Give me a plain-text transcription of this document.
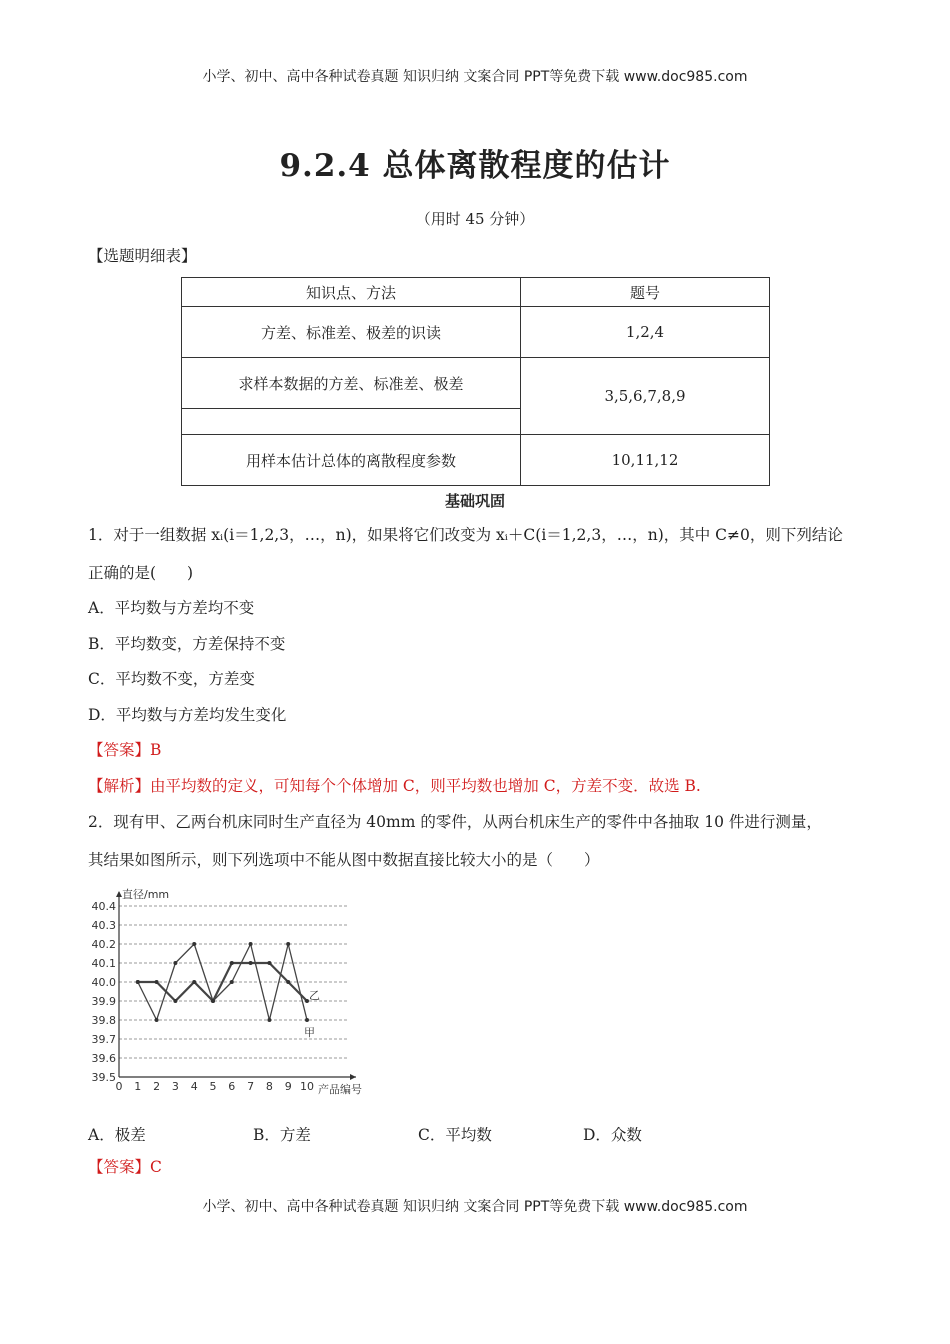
小学、初中、高中各种试卷真题 知识归纳 文案合同 PPT等免费下载 www.doc985.com
9.2.4 总体离散程度的估计
（用时 45 分钟）
【选题明细表】
知识点、方法	题号
方差、标准差、极差的识读	1,2,4
求样本数据的方差、标准差、极差	3,5,6,7,8,9

用样本估计总体的离散程度参数	10,11,12
基础巩固
1．对于一组数据 xᵢ(i＝1,2,3，…，n)，如果将它们改变为 xᵢ＋C(i＝1,2,3，…，n)，其中 C≠0，则下列结论
正确的是(　　)
A．平均数与方差均不变
B．平均数变，方差保持不变
C．平均数不变，方差变
D．平均数与方差均发生变化
【答案】B
【解析】由平均数的定义，可知每个个体增加 C，则平均数也增加 C，方差不变．故选 B.
2．现有甲、乙两台机床同时生产直径为 40mm 的零件，从两台机床生产的零件中各抽取 10 件进行测量，
其结果如图所示，则下列选项中不能从图中数据直接比较大小的是（　　）
40.4
40.3
40.2
40.1
40.0
39.9
39.8
39.7
39.6
39.5
0 1 2 3 4 5 6 7 8 9 10
直径/mm
产品编号
甲
乙
A．极差	B．方差	C．平均数	D．众数
【答案】C
小学、初中、高中各种试卷真题 知识归纳 文案合同 PPT等免费下载 www.doc985.com
